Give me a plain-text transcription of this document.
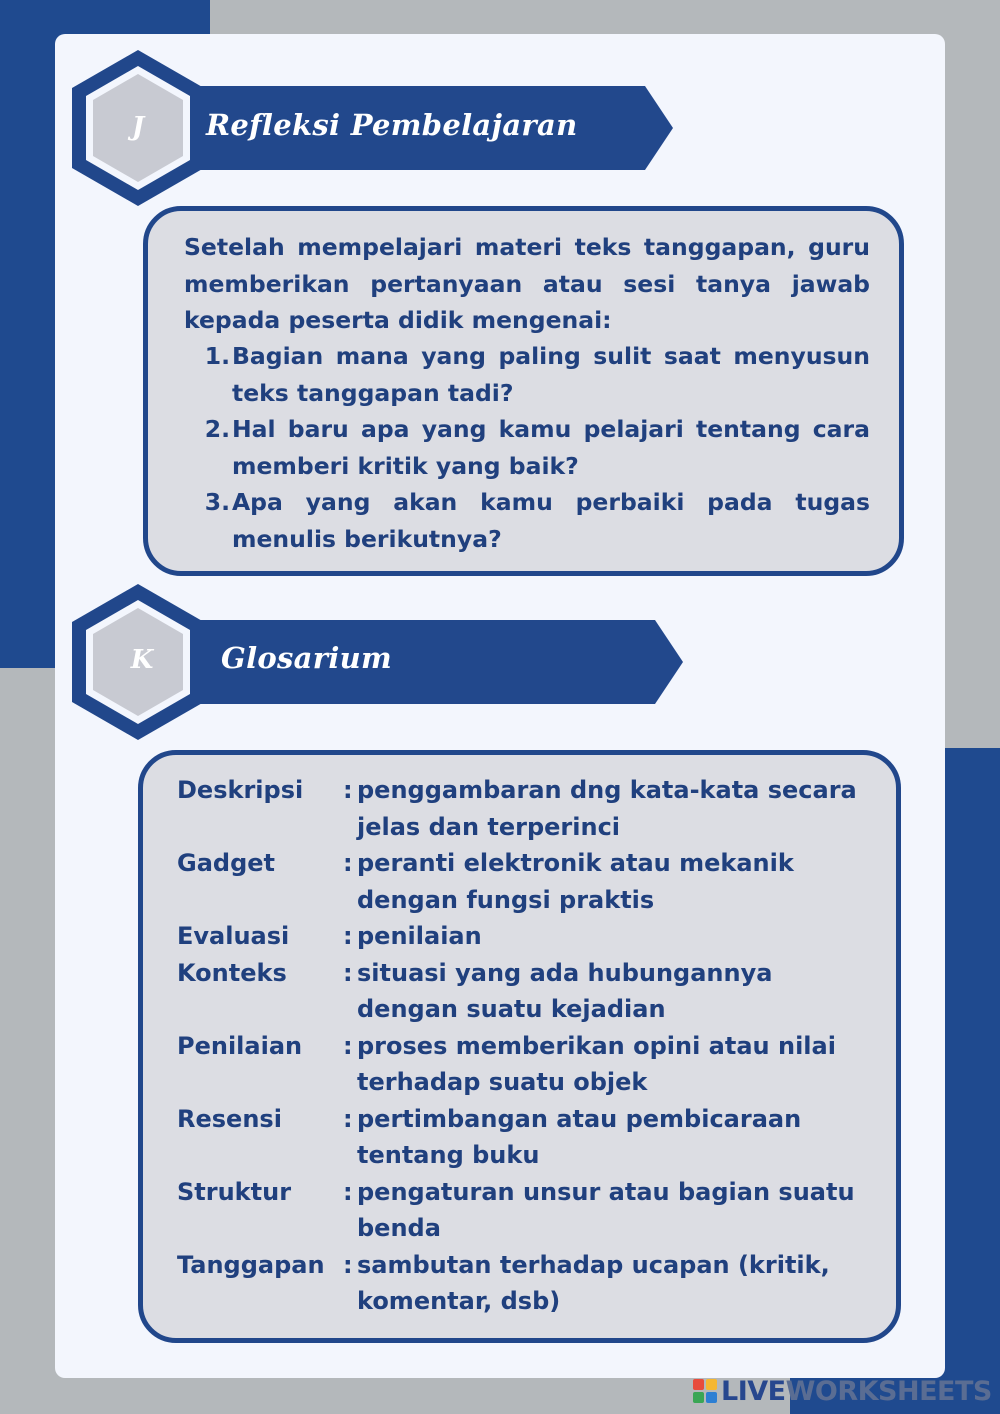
J	Refleksi Pembelajaran
Setelah mempelajari materi teks tanggapan, guru memberikan pertanyaan atau sesi tanya jawab kepada peserta didik mengenai:
1. Bagian mana yang paling sulit saat menyusun teks tanggapan tadi?
2. Hal baru apa yang kamu pelajari tentang cara memberi kritik yang baik?
3. Apa yang akan kamu perbaiki pada tugas menulis berikutnya?
K	Glosarium
Deskripsi : penggambaran dng kata-kata secara jelas dan terperinci
Gadget	: peranti elektronik atau mekanik dengan fungsi praktis
Evaluasi : penilaian
Konteks : situasi yang ada hubungannya dengan suatu kejadian
Penilaian : proses memberikan opini atau nilai terhadap suatu objek
Resensi	: pertimbangan atau pembicaraan tentang buku
Struktur : pengaturan unsur atau bagian suatu benda
Tanggapan : sambutan terhadap ucapan (kritik, komentar, dsb)
LIVEWORKSHEETS
